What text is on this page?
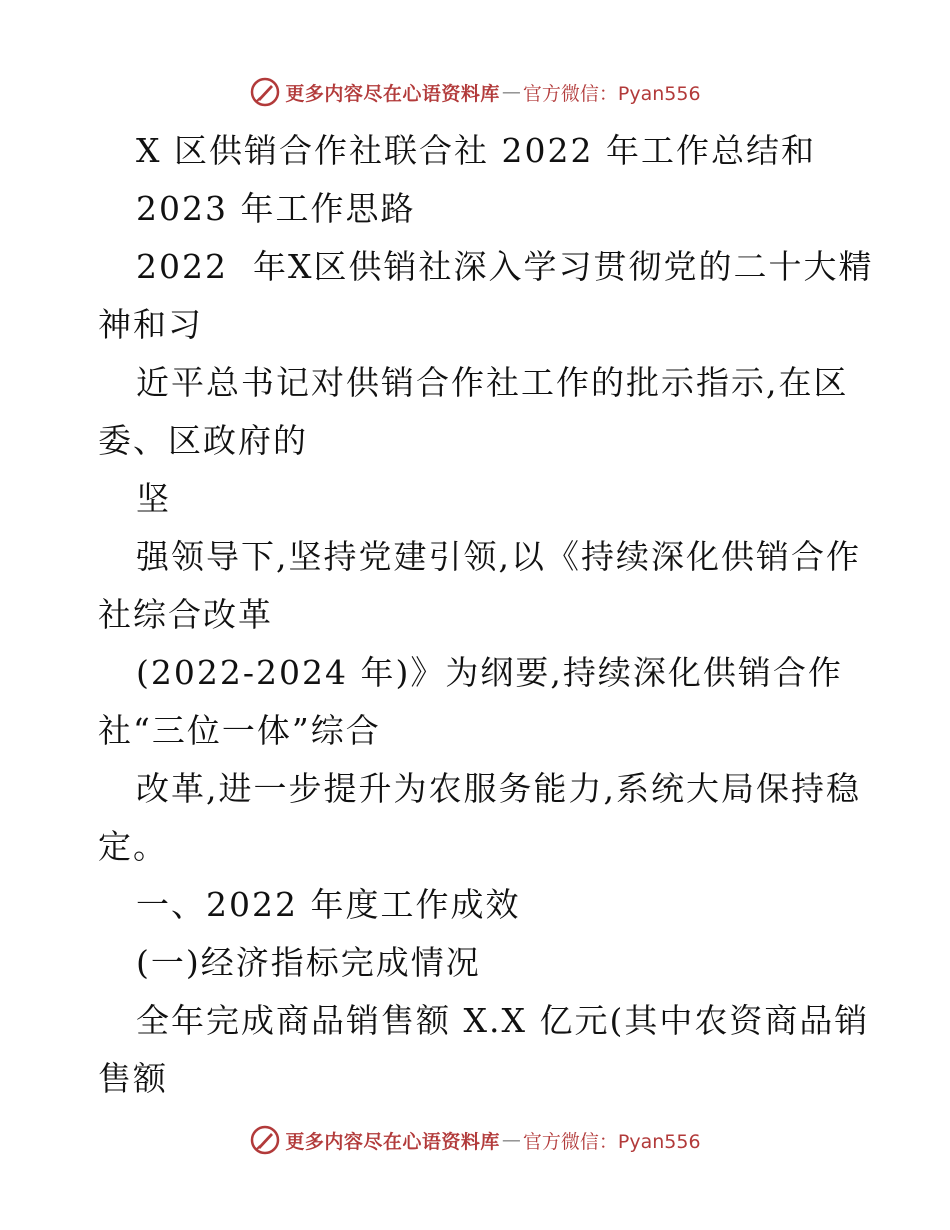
更多内容尽在心语资料库 — 官方微信：Pyan556
X 区供销合作社联合社 2022 年工作总结和
2023 年工作思路
2022  年X区供销社深入学习贯彻党的二十大精
神和习
近平总书记对供销合作社工作的批示指示,在区
委、区政府的
坚
强领导下,坚持党建引领,以《持续深化供销合作
社综合改革
(2022-2024 年)》为纲要,持续深化供销合作
社“三位一体”综合
改革,进一步提升为农服务能力,系统大局保持稳
定。
一、2022 年度工作成效
(一)经济指标完成情况
全年完成商品销售额 X.X 亿元(其中农资商品销
售额
更多内容尽在心语资料库 — 官方微信：Pyan556
